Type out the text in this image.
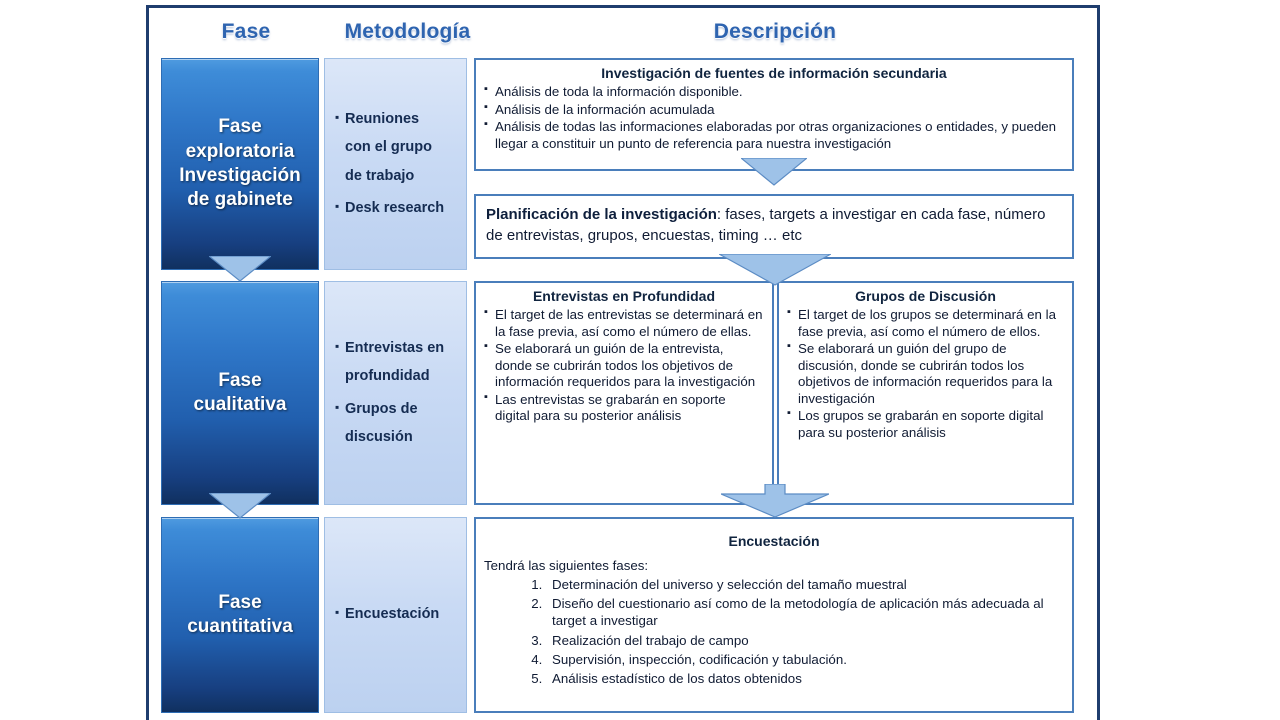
Fase	Metodología	Descripción
Fase
exploratoria
Investigación
de gabinete
▪ Reuniones
con el grupo
de trabajo
▪ Desk research
Investigación de fuentes de información secundaria
▪ Análisis de toda la información disponible.
▪ Análisis de la información acumulada
▪ Análisis de todas las informaciones elaboradas por otras organizaciones o entidades, y pueden llegar a constituir un punto de referencia para nuestra investigación
Planificación de la investigación: fases, targets a investigar en cada fase, número de entrevistas, grupos, encuestas, timing … etc
Fase
cualitativa
▪ Entrevistas en
profundidad
▪ Grupos de
discusión
Entrevistas en Profundidad
▪ El target de las entrevistas se determinará en la fase previa, así como el número de ellas.
▪ Se elaborará un guión de la entrevista, donde se cubrirán todos los objetivos de información requeridos para la investigación
▪ Las entrevistas se grabarán en soporte digital para su posterior análisis
Grupos de Discusión
▪ El target de los grupos se determinará en la fase previa, así como el número de ellos.
▪ Se elaborará un guión del grupo de discusión, donde se cubrirán todos los objetivos de información requeridos para la investigación
▪ Los grupos se grabarán en soporte digital para su posterior análisis
Fase
cuantitativa
▪ Encuestación
Encuestación
Tendrá las siguientes fases:
1. Determinación del universo y selección del tamaño muestral
2. Diseño del cuestionario así como de la metodología de aplicación más adecuada al target a investigar
3. Realización del trabajo de campo
4. Supervisión, inspección, codificación y tabulación.
5. Análisis estadístico de los datos obtenidos
